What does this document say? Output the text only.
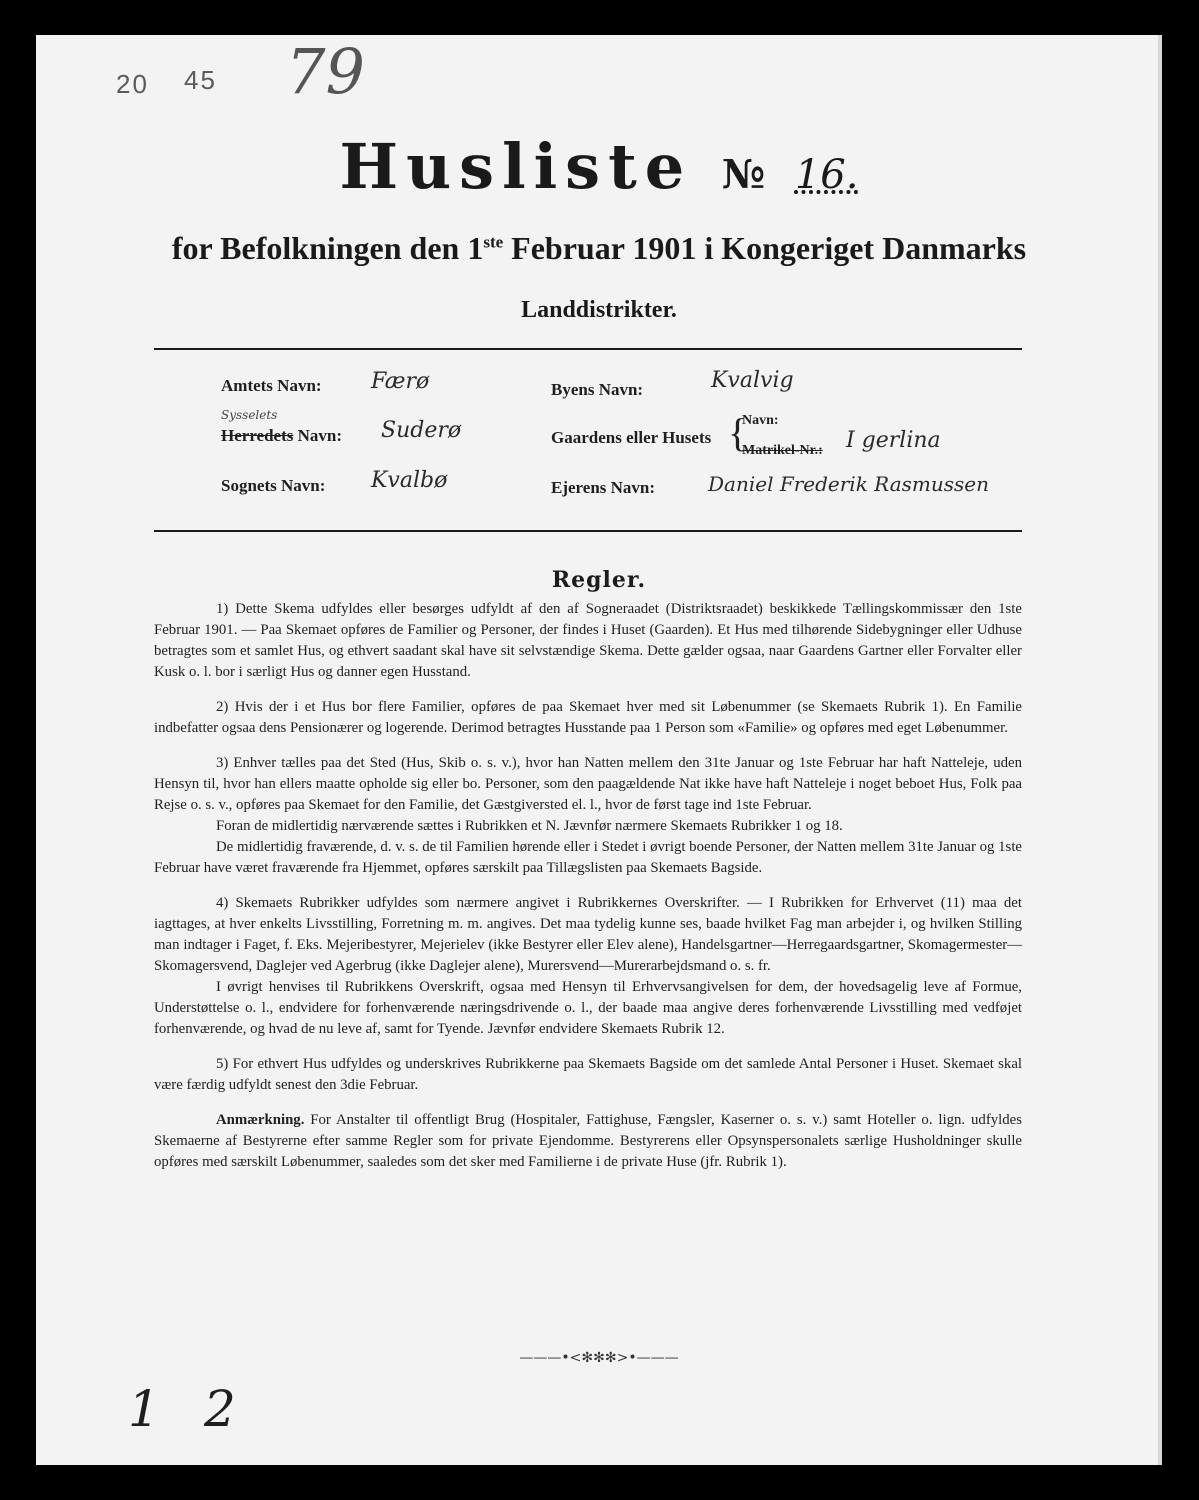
20 45 79
Husliste № 16.
for Befolkningen den 1ste Februar 1901 i Kongeriget Danmarks
Landdistrikter.
Amtets Navn: Færø
Sysselets
Herredets Navn: Suderø
Sognets Navn: Kvalbø
Byens Navn:	Kvalvig
Gaardens eller Husets {
Navn:
Matrikel-Nr.: I gerlina
Ejerens Navn:	Daniel Frederik Rasmussen
Regler.

1) Dette Skema udfyldes eller besørges udfyldt af den af Sogneraadet (Distriktsraadet) beskikkede Tællingskommissær den 1ste Februar 1901. — Paa Skemaet opføres de Familier og Personer, der findes i Huset (Gaarden). Et Hus med tilhørende Sidebygninger eller Udhuse betragtes som et samlet Hus, og ethvert saadant skal have sit selvstændige Skema. Dette gælder ogsaa, naar Gaardens Gartner eller Forvalter eller Kusk o. l. bor i særligt Hus og danner egen Husstand.

2) Hvis der i et Hus bor flere Familier, opføres de paa Skemaet hver med sit Løbenummer (se Skemaets Rubrik 1). En Familie indbefatter ogsaa dens Pensionærer og logerende. Derimod betragtes Husstande paa 1 Person som «Familie» og opføres med eget Løbenummer.

3) Enhver tælles paa det Sted (Hus, Skib o. s. v.), hvor han Natten mellem den 31te Januar og 1ste Februar har haft Natteleje, uden Hensyn til, hvor han ellers maatte opholde sig eller bo. Personer, som den paagældende Nat ikke have haft Natteleje i noget beboet Hus, Folk paa Rejse o. s. v., opføres paa Skemaet for den Familie, det Gæstgiversted el. l., hvor de først tage ind 1ste Februar.

Foran de midlertidig nærværende sættes i Rubrikken et N. Jævnfør nærmere Skemaets Rubrikker 1 og 18.

De midlertidig fraværende, d. v. s. de til Familien hørende eller i Stedet i øvrigt boende Personer, der Natten mellem 31te Januar og 1ste Februar have været fraværende fra Hjemmet, opføres særskilt paa Tillægslisten paa Skemaets Bagside.

4) Skemaets Rubrikker udfyldes som nærmere angivet i Rubrikkernes Overskrifter. — I Rubrikken for Erhvervet (11) maa det iagttages, at hver enkelts Livsstilling, Forretning m. m. angives. Det maa tydelig kunne ses, baade hvilket Fag man arbejder i, og hvilken Stilling man indtager i Faget, f. Eks. Mejeribestyrer, Mejerielev (ikke Bestyrer eller Elev alene), Handelsgartner—Herregaardsgartner, Skomagermester—Skomagersvend, Daglejer ved Agerbrug (ikke Daglejer alene), Murersvend—Murerarbejdsmand o. s. fr.

I øvrigt henvises til Rubrikkens Overskrift, ogsaa med Hensyn til Erhvervsangivelsen for dem, der hovedsagelig leve af Formue, Understøttelse o. l., endvidere for forhenværende næringsdrivende o. l., der baade maa angive deres forhenværende Livsstilling med vedføjet forhenværende, og hvad de nu leve af, samt for Tyende. Jævnfør endvidere Skemaets Rubrik 12.

5) For ethvert Hus udfyldes og underskrives Rubrikkerne paa Skemaets Bagside om det samlede Antal Personer i Huset. Skemaet skal være færdig udfyldt senest den 3die Februar.

Anmærkning. For Anstalter til offentligt Brug (Hospitaler, Fattighuse, Fængsler, Kaserner o. s. v.) samt Hoteller o. lign. udfyldes Skemaerne af Bestyrerne efter samme Regler som for private Ejendomme. Bestyrerens eller Opsynspersonalets særlige Husholdninger skulle opføres med særskilt Løbenummer, saaledes som det sker med Familierne i de private Huse (jfr. Rubrik 1).

———•<✻✻✻>•———
1 2
